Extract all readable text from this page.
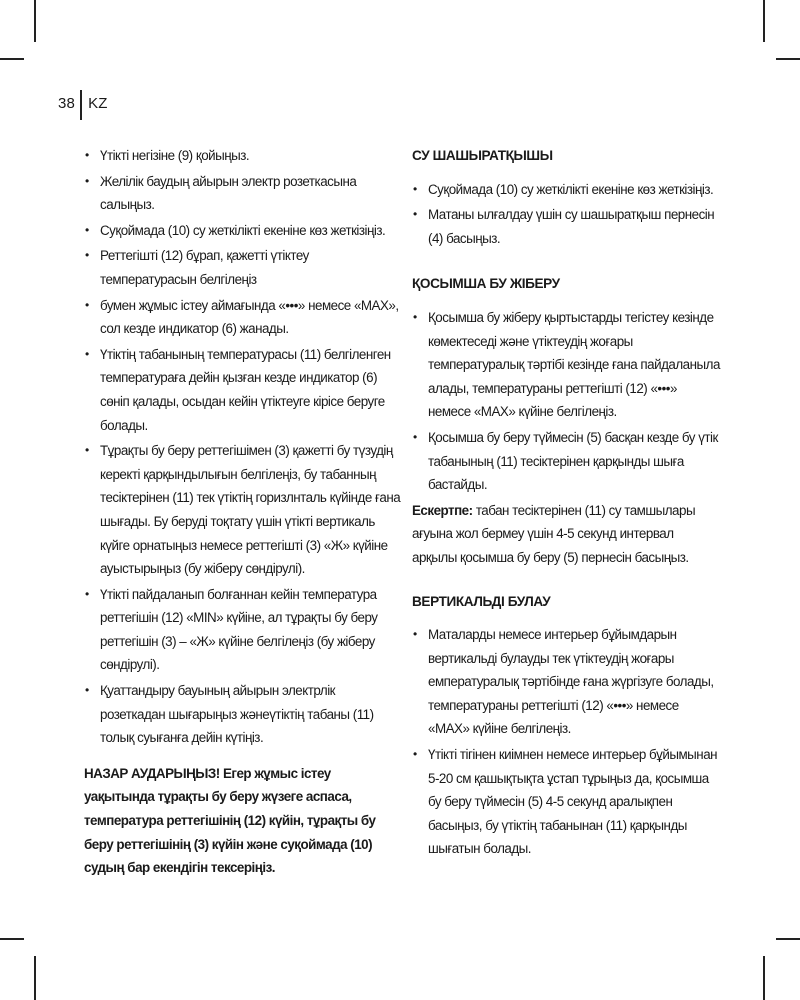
38 KZ
• Үтікті негізіне (9) қойыңыз.
• Желілік баудың айырын электр розеткасына салыңыз.
• Суқоймада (10) су жеткілікті екеніне көз жеткізіңіз.
• Реттегішті (12) бұрап, қажетті үтіктеу температурасын белгілеңіз
• бумен жұмыс істеу аймағында «•••» немесе «MAX», сол кезде индикатор (6) жанады.
• Үтіктің табанының температурасы (11) белгіленген температураға дейін қызған кезде индикатор (6) сөніп қалады, осыдан кейін үтіктеуге кірісе беруге болады.
• Тұрақты бу беру реттегішімен (3) қажетті бу түзудің керекті қарқындылығын белгілеңіз, бу табанның тесіктерінен (11) тек үтіктің горизлнталь күйінде ғана шығады. Бу беруді тоқтату үшін үтікті вертикаль күйге орнатыңыз немесе реттегішті (3) «Ж» күйіне ауыстырыңыз (бу жіберу сөндірулі).
• Үтікті пайдаланып болғаннан кейін температура реттегішін (12) «MIN» күйіне, ал тұрақты бу беру реттегішін (3) – «Ж» күйіне белгілеңіз (бу жіберу сөндірулі).
• Қуаттандыру бауының айырын электрлік розеткадан шығарыңыз жәнеүтіктің табаны (11) толық суығанға дейін күтіңіз.
НАЗАР АУДАРЫҢЫЗ! Егер жұмыс істеу уақытында тұрақты бу беру жүзеге аспаса, температура реттегішінің (12) күйін, тұрақты бу беру реттегішінің (3) күйін және суқоймада (10) судың бар екендігін тексеріңіз.
СУ ШАШЫРАТҚЫШЫ
• Суқоймада (10) су жеткілікті екеніне көз жеткізіңіз.
• Матаны ылғалдау үшін су шашыратқыш пернесін (4) басыңыз.
ҚОСЫМША БУ ЖІБЕРУ
• Қосымша бу жіберу қыртыстарды тегістеу кезінде көмектеседі және үтіктеудің жоғары температуралық тәртібі кезінде ғана пайдаланыла алады, температураны реттегішті (12) «•••» немесе «MAX» күйіне белгілеңіз.
• Қосымша бу беру түймесін (5) басқан кезде бу үтік табанының (11) тесіктерінен қарқынды шыға бастайды.
Ескертпе: табан тесіктерінен (11) су тамшылары ағуына жол бермеу үшін 4-5 секунд интервал арқылы қосымша бу беру (5) пернесін басыңыз.
ВЕРТИКАЛЬДІ БУЛАУ
• Маталарды немесе интерьер бұйымдарын вертикальді булауды тек үтіктеудің жоғары емпературалық тәртібінде ғана жүргізуге болады, температураны реттегішті (12) «•••» немесе «MAX» күйіне белгілеңіз.
• Үтікті тігінен киімнен немесе интерьер бұйымынан 5-20 см қашықтықта ұстап тұрыңыз да, қосымша бу беру түймесін (5) 4-5 секунд аралықпен басыңыз, бу үтіктің табанынан (11) қарқынды шығатын болады.
